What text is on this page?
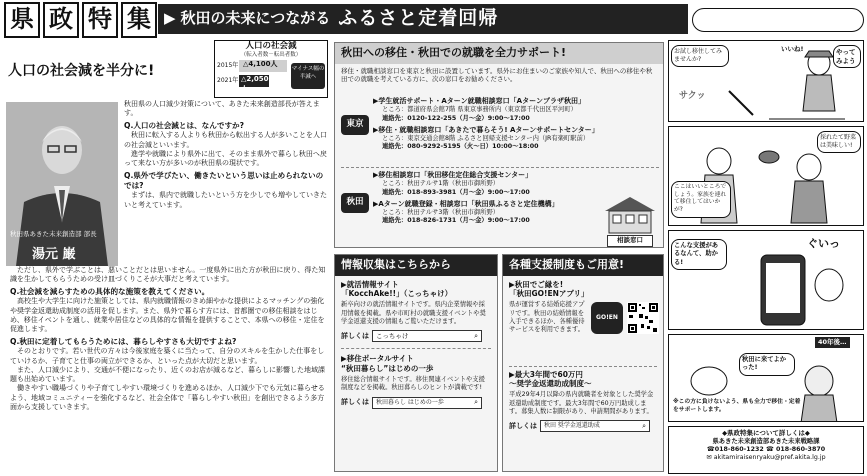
県 政 特 集 ▶ 秋田の未来につながる ふるさと定着回帰
人口の社会減を半分に!
人口の社会減
（転入者数－転出者数）
2015年 △4,100人
2021年 △2,050人
マイナス幅の半減へ
秋田県あきた未来創造部 部長
湯元 巌

秋田県の人口減少対策について、あきた未来創造部長が答えます。

Q.人口の社会減とは、なんですか?

秋田に転入する人よりも秋田から転出する人が多いことを人口の社会減といいます。

進学や就職により県外に出て、そのまま県外で暮らし秋田へ戻って来ない方が多いのが秋田県の現状です。

Q.県外で学びたい、働きたいという思いは止められないのでは?

まずは、県内で就職したいという方を少しでも増やしていきたいと考えています。

ただし、県外で学ぶことは、悪いことだとは思いません。一度県外に出た方が秋田に戻り、得た知識を生かしてもらうための受け皿づくりこそが大事だと考えています。

Q.社会減を減らすための具体的な施策を教えてください。

高校生や大学生に向けた施策としては、県内就職情報のきめ細やかな提供によるマッチングの強化や奨学金返還助成制度の活用を促します。また、県外で暮らす方には、首都圏での移住相談をはじめ、移住イベントを通し、就業や居住などの具体的な情報を提供することで、本県への移住・定住を促進します。

Q.秋田に定着してもらうためには、暮らしやすさも大切ですよね?

そのとおりです。若い世代の方々は今後家庭を築くに当たって、自分のスキルを生かした仕事をしていけるか、子育てと仕事の両立ができるか、といった点が大切だと思います。

また、人口減少により、交通が不便になったり、近くのお店が減るなど、暮らしに影響した地域課題も出始めています。

働きやすい職場づくりや子育てしやすい環境づくりを進めるほか、人口減少下でも元気に暮らせるよう、地域コミュニティーを強化するなど、社会全体で「暮らしやすい秋田」を創出できるよう多方面から支援していきます。

秋田への移住・秋田での就職を全力サポート!

移住・就職相談窓口を東京と秋田に設置しています。県外にお住まいのご家族や知人で、秋田への移住や秋田での就職を考えている方に、次の窓口をお勧めください。

東京
▶学生就活サポート・Aターン就職相談窓口「Aターンプラザ秋田」
ところ：都道府県会館7階 県東京事務所内（東京都千代田区平河町）
連絡先：0120-122-255（月～金）9:00～17:00
▶移住・就職相談窓口「あきたで暮らそう! Aターンサポートセンター」
ところ：東京交通会館8階 ふるさと回帰支援センター内（JR有楽町駅前）
連絡先：080-9292-5195（火～日）10:00～18:00
秋田
▶移住相談窓口「秋田移住定住総合支援センター」
ところ：秋田テルサ1階（秋田市御所野）
連絡先：018-893-3981（月～金）9:00～17:00
▶Aターン就職登録・相談窓口「秋田県ふるさと定住機構」
ところ：秋田テルサ3階（秋田市御所野）
連絡先：018-826-1731（月～金）9:00～17:00
相談窓口
情報収集はこちらから
▶就活情報サイト
「KocchAke!!」（こっちゃけ）

新卒向けの就活情報サイトです。県内企業情報や採用情報を掲載。県や市町村の就職支援イベントや奨学金返還支援の情報もご覧いただけます。

詳しくは こっちゃけ	⌕
▶移住ポータルサイト
“秋田暮らし”はじめの一歩

移住総合情報サイトです。移住関連イベントや支援制度などを掲載。秋田暮らしのヒントが満載です!

詳しくは 秋田暮らし はじめの一歩	⌕
各種支援制度もご用意!
▶秋田でご縁を!
「秋田GO!ENアプリ」

県が運営する結婚応援アプリです。秋田の結婚情報を入手できるほか、各種優待サービスを利用できます。

GO!EN
▶最大3年間で60万円
～奨学金返還助成制度～

平成29年4月以降の県内就職者を対象とした奨学金返還助成制度です。最大3年間で60万円助成します。募集人数に制限があり、申請期間があります。

詳しくは 秋田 奨学金返還助成	⌕
お試し移住してみませんか?
いいね!	やってみよう
サクッ
採れたて野菜は美味しい!
ここはいいところでしょう。家族を連れて移住してはいかが?
こんな支援があるなんて、助かる!
ぐいっ
40年後…
秋田に来てよかった!
※この方に負けないよう、県も全力で移住・定着をサポートします。
◆県政特集について詳しくは◆
県あきた未来創造部あきた未来戦略課
☎018-860-1232 ☎ 018-860-3870
✉ akitamiraisenryaku@pref.akita.lg.jp
